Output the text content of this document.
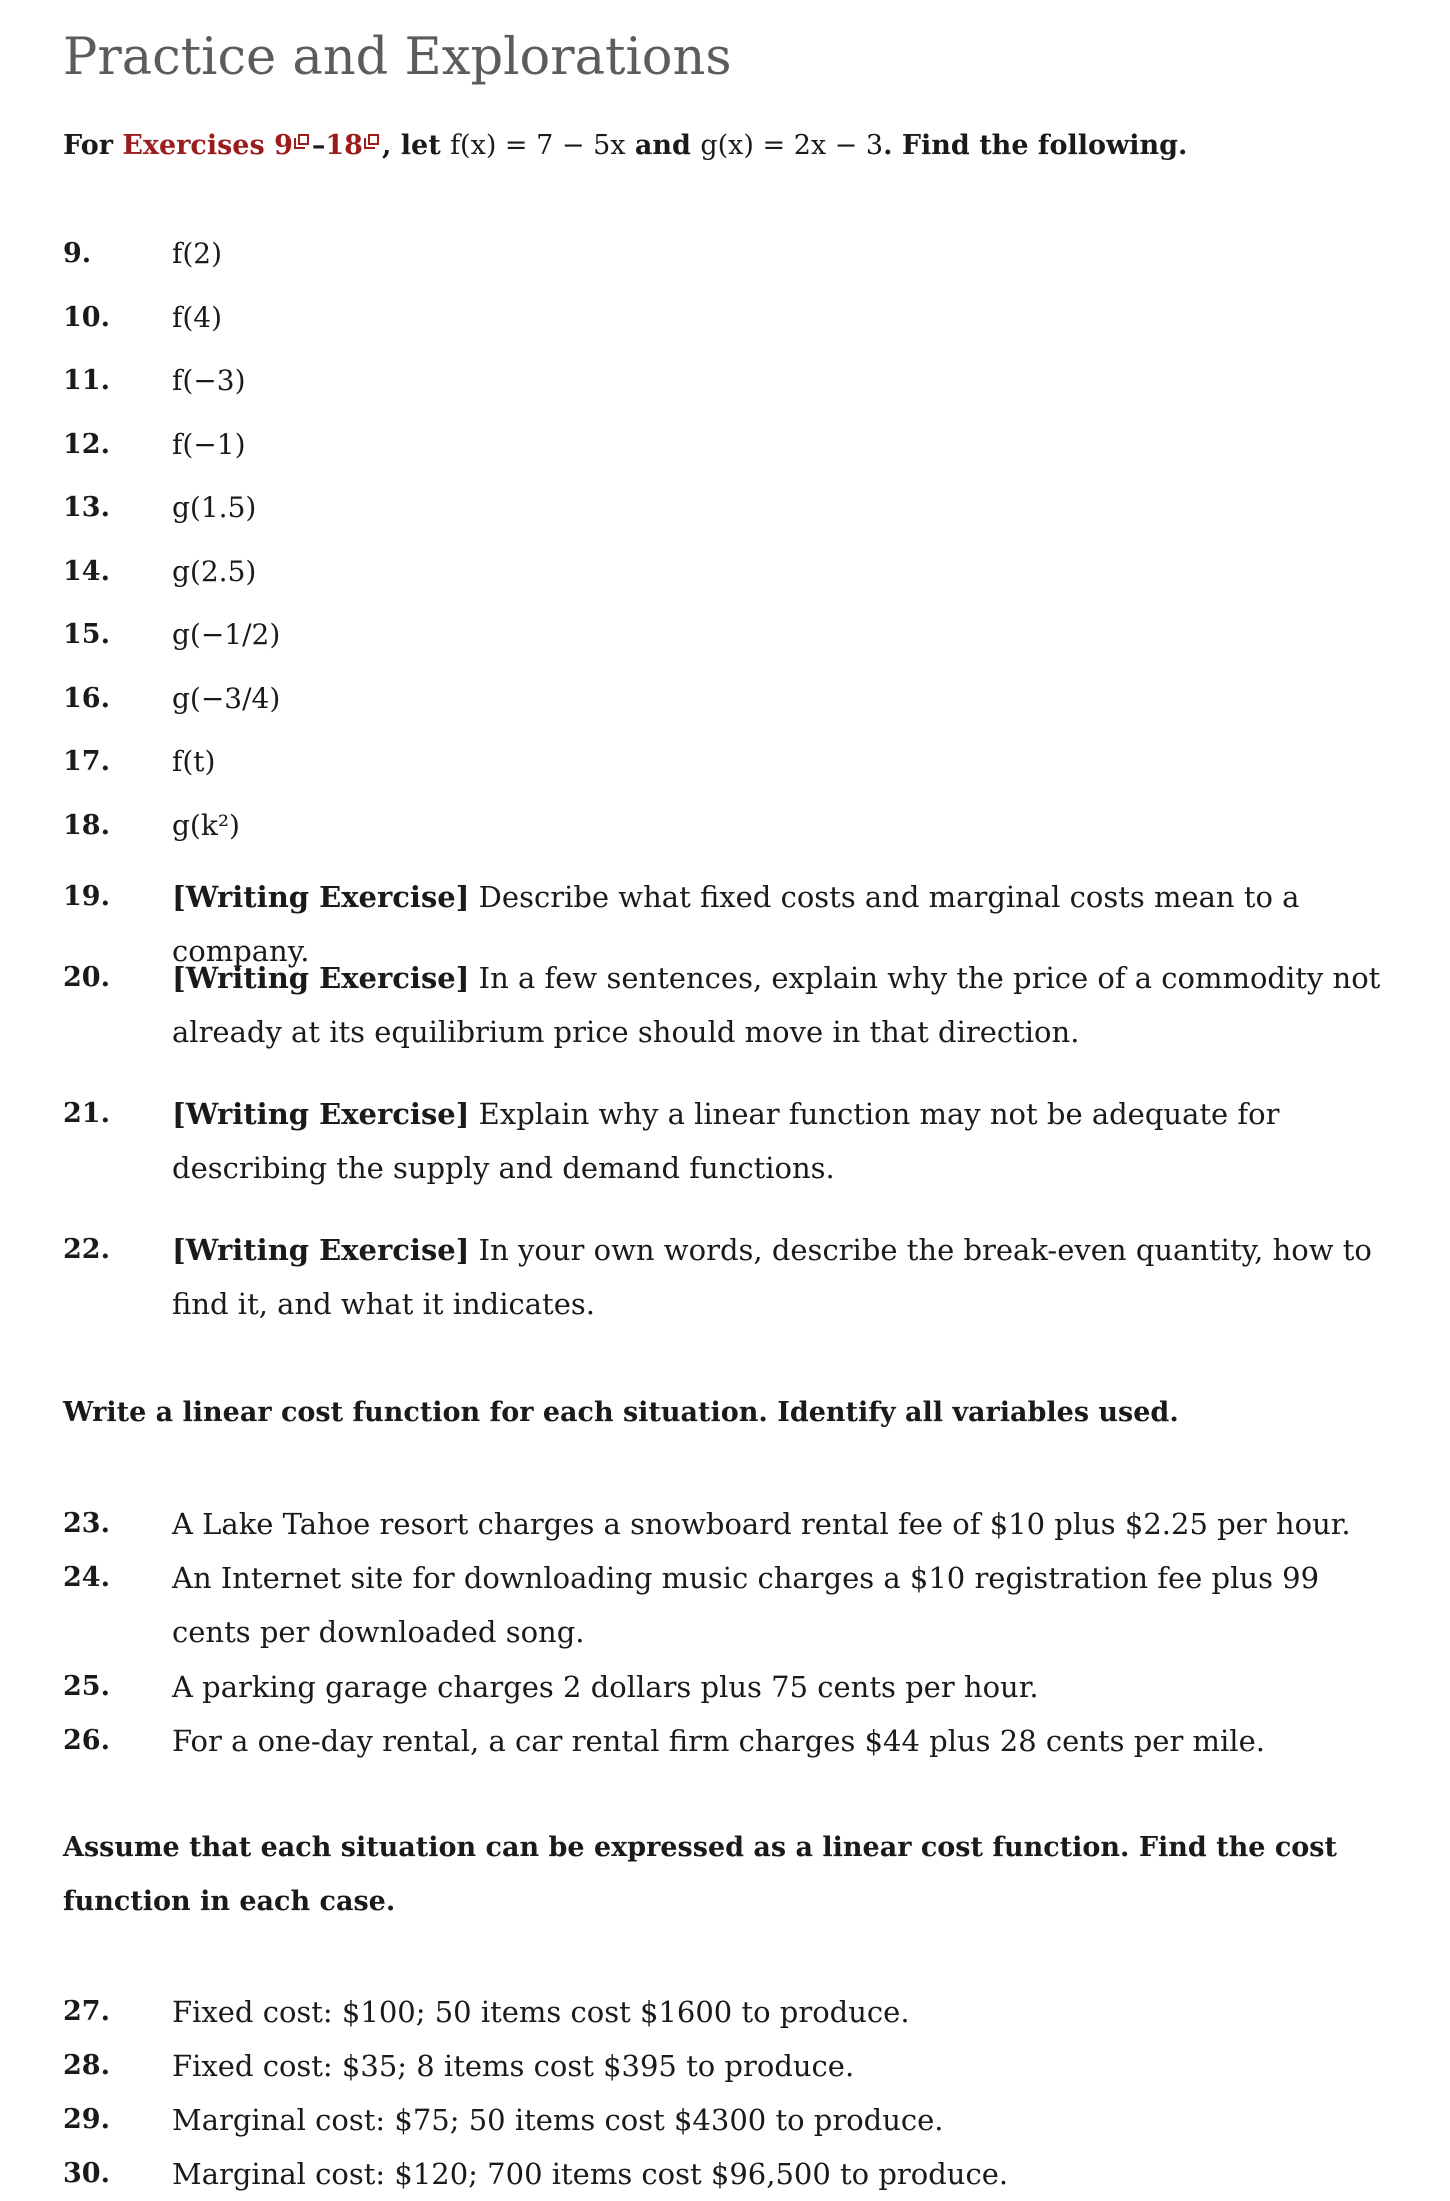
Practice and Explorations

For Exercises 9 –18 , let f(x) = 7 − 5x and g(x) = 2x − 3. Find the following.

9.	f(2)
10. f(4)
11. f(−3)
12. f(−1)
13. g(1.5)
14. g(2.5)
15. g(−1/2)
16. g(−3/4)
17. f(t)
18. g(k²)
19. [Writing Exercise] Describe what fixed costs and marginal costs mean to a company.
20. [Writing Exercise] In a few sentences, explain why the price of a commodity not already at its equilibrium price should move in that direction.
21. [Writing Exercise] Explain why a linear function may not be adequate for describing the supply and demand functions.
22. [Writing Exercise] In your own words, describe the break-even quantity, how to find it, and what it indicates.

Write a linear cost function for each situation. Identify all variables used.

23. A Lake Tahoe resort charges a snowboard rental fee of $10 plus $2.25 per hour.
24. An Internet site for downloading music charges a $10 registration fee plus 99 cents per downloaded song.
25. A parking garage charges 2 dollars plus 75 cents per hour.
26. For a one-day rental, a car rental firm charges $44 plus 28 cents per mile.

Assume that each situation can be expressed as a linear cost function. Find the cost function in each case.

27. Fixed cost: $100; 50 items cost $1600 to produce.
28. Fixed cost: $35; 8 items cost $395 to produce.
29. Marginal cost: $75; 50 items cost $4300 to produce.
30. Marginal cost: $120; 700 items cost $96,500 to produce.
